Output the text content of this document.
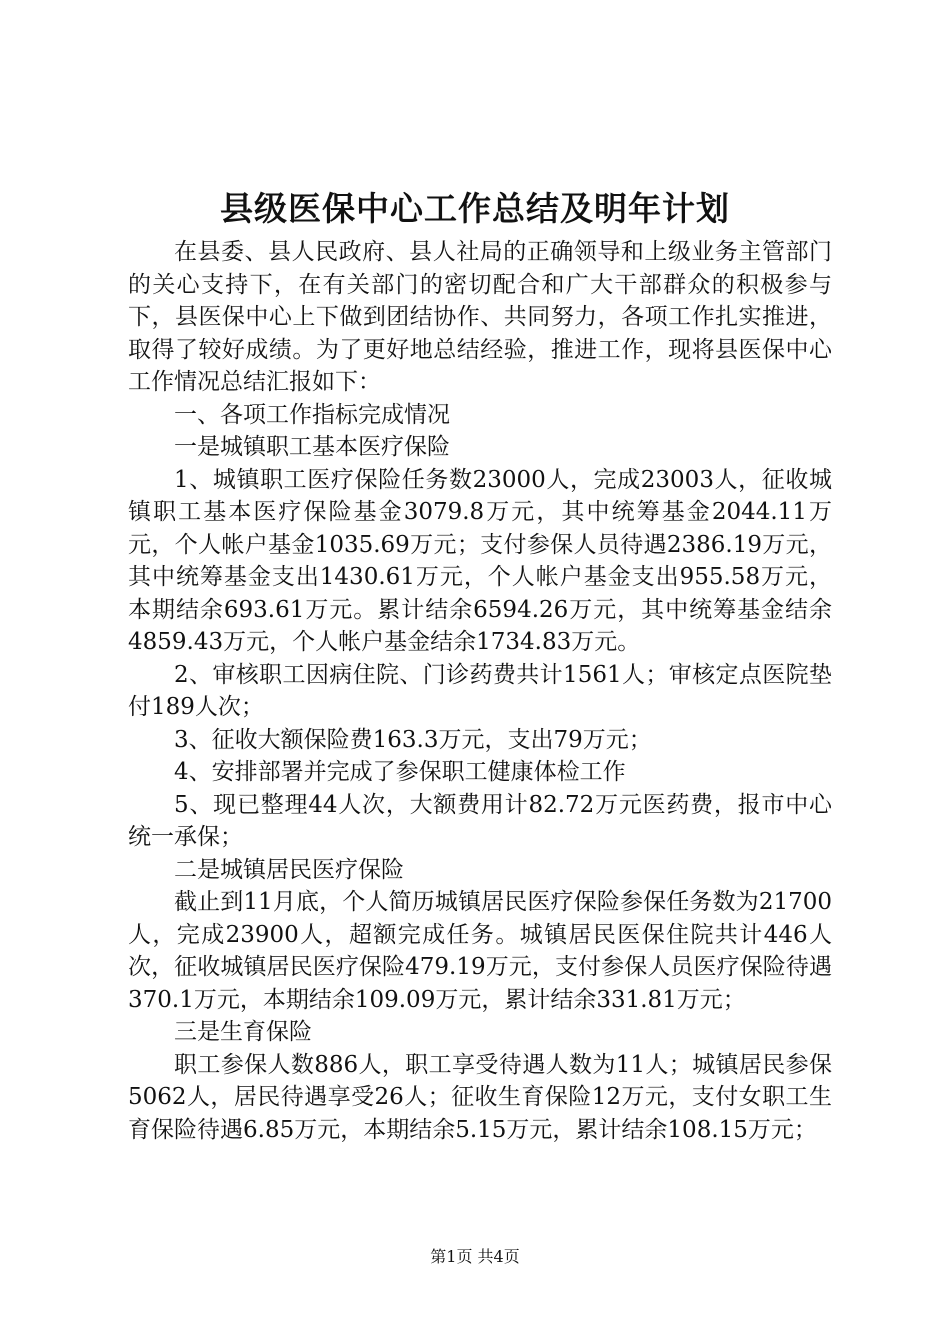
县级医保中心工作总结及明年计划

在县委、县人民政府、县人社局的正确领导和上级业务主管部门的关心支持下，在有关部门的密切配合和广大干部群众的积极参与下，县医保中心上下做到团结协作、共同努力，各项工作扎实推进，取得了较好成绩。为了更好地总结经验，推进工作，现将县医保中心工作情况总结汇报如下：

一、各项工作指标完成情况

一是城镇职工基本医疗保险

1、城镇职工医疗保险任务数23000人，完成23003人，征收城镇职工基本医疗保险基金3079.8万元，其中统筹基金2044.11万元，个人帐户基金1035.69万元；支付参保人员待遇2386.19万元，其中统筹基金支出1430.61万元，个人帐户基金支出955.58万元，本期结余693.61万元。累计结余6594.26万元，其中统筹基金结余4859.43万元，个人帐户基金结余1734.83万元。

2、审核职工因病住院、门诊药费共计1561人；审核定点医院垫付189人次；

3、征收大额保险费163.3万元，支出79万元；

4、安排部署并完成了参保职工健康体检工作

5、现已整理44人次，大额费用计82.72万元医药费，报市中心统一承保；

二是城镇居民医疗保险

截止到11月底，个人简历城镇居民医疗保险参保任务数为21700人，完成23900人，超额完成任务。城镇居民医保住院共计446人次，征收城镇居民医疗保险479.19万元，支付参保人员医疗保险待遇370.1万元，本期结余109.09万元，累计结余331.81万元；

三是生育保险

职工参保人数886人，职工享受待遇人数为11人；城镇居民参保5062人，居民待遇享受26人；征收生育保险12万元，支付女职工生育保险待遇6.85万元，本期结余5.15万元，累计结余108.15万元；

第1页 共4页
